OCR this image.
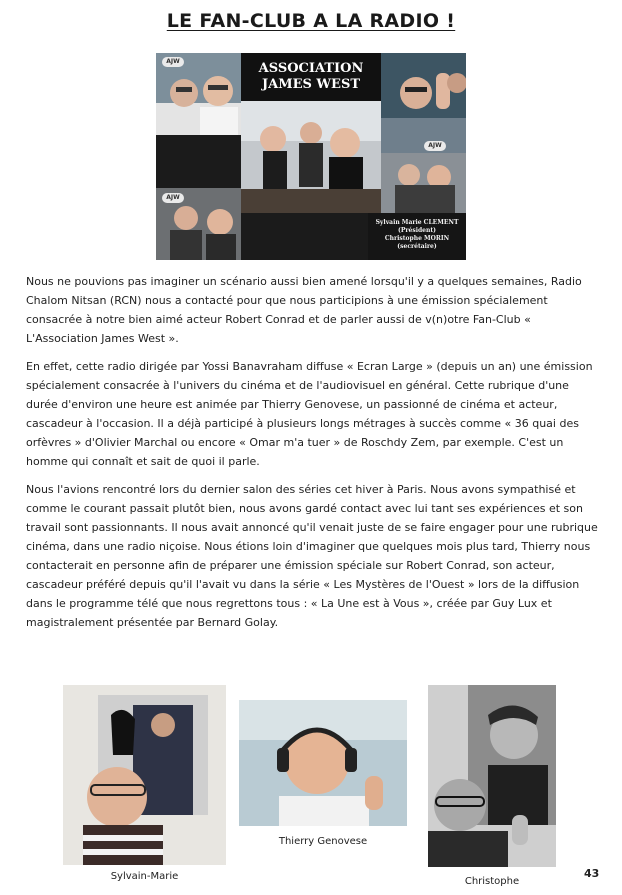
LE FAN-CLUB A LA RADIO !
AJW	ASSOCIATION
JAMES WEST
AJW
AJW
Sylvain Marie CLEMENT
(Président)
Christophe MORIN
(secrétaire)

Nous ne pouvions pas imaginer un scénario aussi bien amené lorsqu'il y a quelques semaines, Radio Chalom Nitsan (RCN) nous a contacté pour que nous participions à une émission spécialement consacrée à notre bien aimé acteur Robert Conrad et de parler aussi de v(n)otre Fan-Club « L'Association James West ».

En effet, cette radio dirigée par Yossi Banavraham diffuse « Ecran Large » (depuis un an) une émission spécialement consacrée à l'univers du cinéma et de l'audiovisuel en général. Cette rubrique d'une durée d'environ une heure est animée par Thierry Genovese, un passionné de cinéma et acteur, cascadeur à l'occasion. Il a déjà participé à plusieurs longs métrages à succès comme « 36 quai des orfèvres » d'Olivier Marchal ou encore « Omar m'a tuer » de Roschdy Zem, par exemple. C'est un homme qui connaît et sait de quoi il parle.

Nous l'avions rencontré lors du dernier salon des séries cet hiver à Paris. Nous avons sympathisé et comme le courant passait plutôt bien, nous avons gardé contact avec lui tant ses expériences et son travail sont passionnants. Il nous avait annoncé qu'il venait juste de se faire engager pour une rubrique cinéma, dans une radio niçoise. Nous étions loin d'imaginer que quelques mois plus tard, Thierry nous contacterait en personne afin de préparer une émission spéciale sur Robert Conrad, son acteur, cascadeur préféré depuis qu'il l'avait vu dans la série « Les Mystères de l'Ouest » lors de la diffusion dans le programme télé que nous regrettons tous : « La Une est à Vous », créée par Guy Lux et magistralement présentée par Bernard Golay.

Sylvain-Marie
Thierry Genovese
Christophe
43
